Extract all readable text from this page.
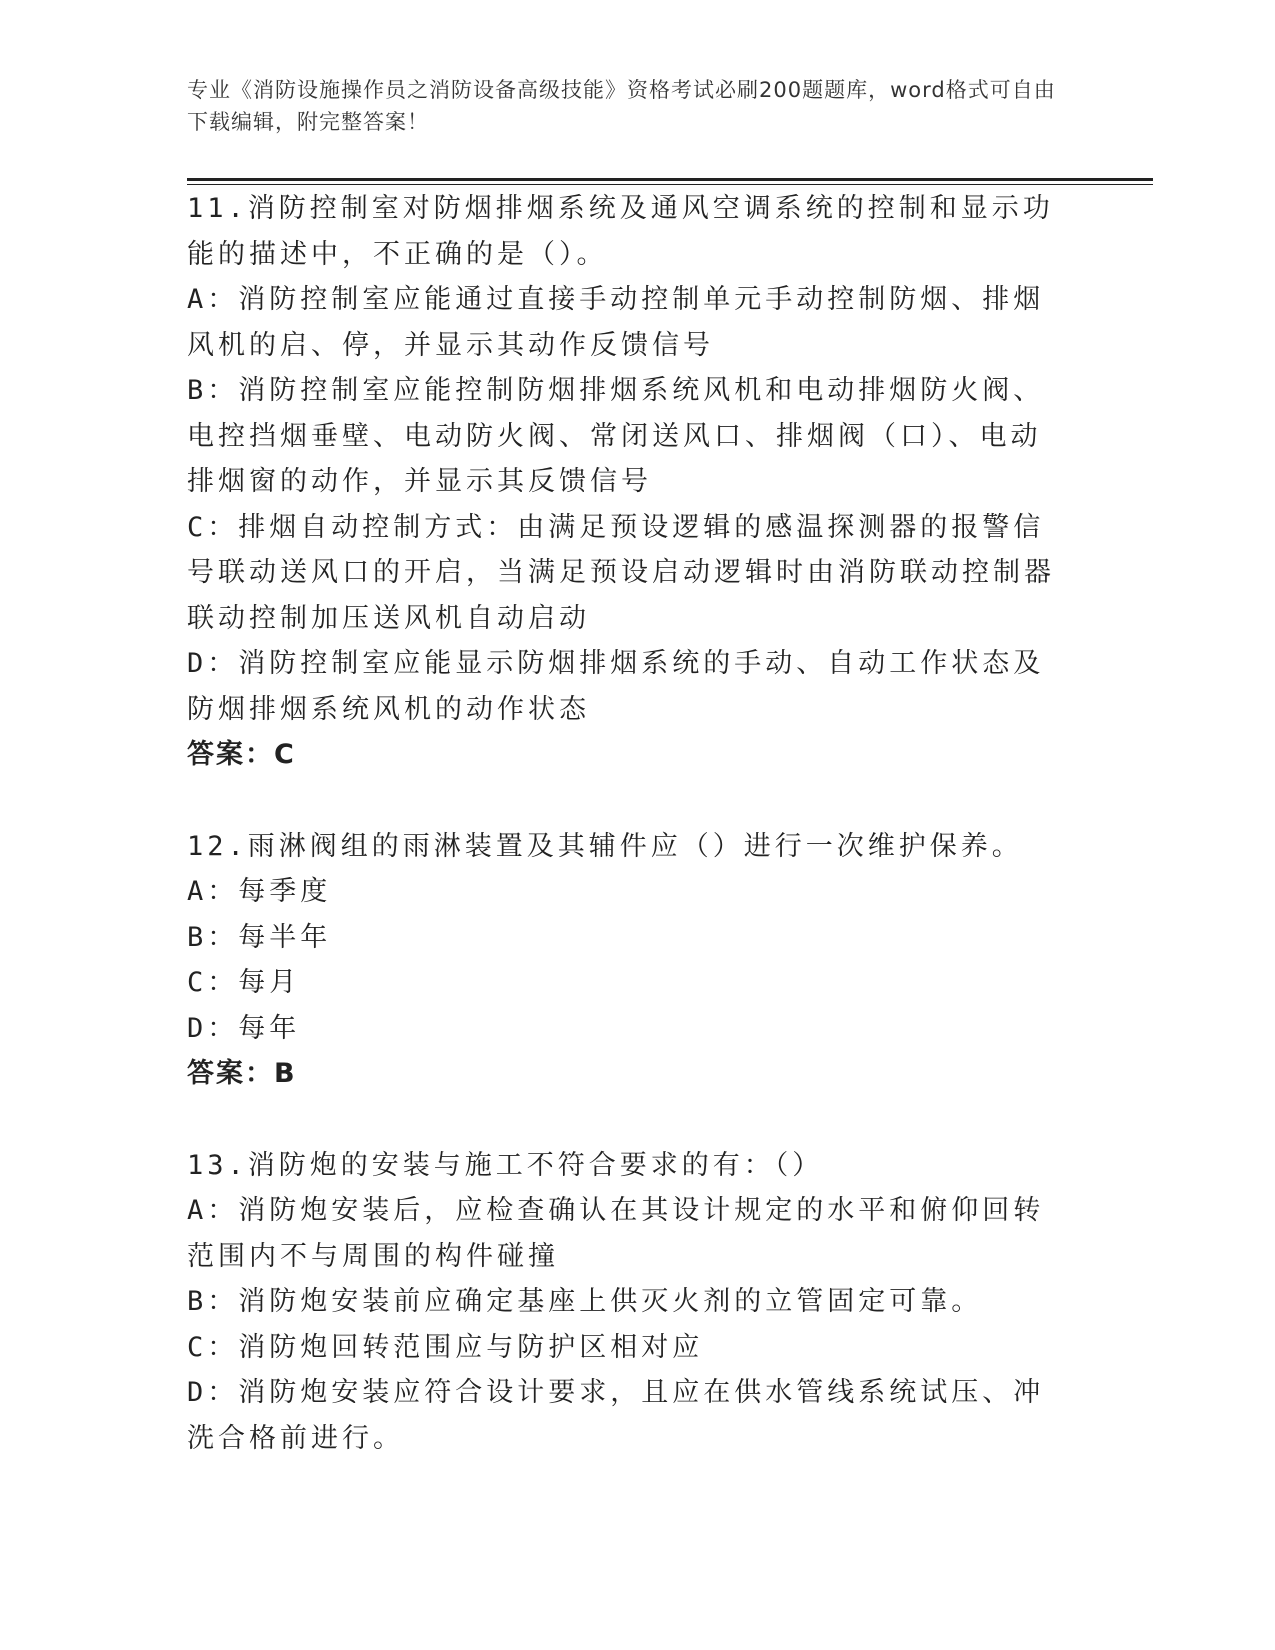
专业《消防设施操作员之消防设备高级技能》资格考试必刷200题题库，word格式可自由下载编辑，附完整答案！

11.消防控制室对防烟排烟系统及通风空调系统的控制和显示功能的描述中，不正确的是（）。

A：消防控制室应能通过直接手动控制单元手动控制防烟、排烟风机的启、停，并显示其动作反馈信号

B：消防控制室应能控制防烟排烟系统风机和电动排烟防火阀、电控挡烟垂壁、电动防火阀、常闭送风口、排烟阀（口）、电动排烟窗的动作，并显示其反馈信号

C：排烟自动控制方式：由满足预设逻辑的感温探测器的报警信号联动送风口的开启，当满足预设启动逻辑时由消防联动控制器联动控制加压送风机自动启动

D：消防控制室应能显示防烟排烟系统的手动、自动工作状态及防烟排烟系统风机的动作状态

答案：C

12.雨淋阀组的雨淋装置及其辅件应（）进行一次维护保养。

A：每季度

B：每半年

C：每月

D：每年

答案：B

13.消防炮的安装与施工不符合要求的有：（）

A：消防炮安装后，应检查确认在其设计规定的水平和俯仰回转范围内不与周围的构件碰撞

B：消防炮安装前应确定基座上供灭火剂的立管固定可靠。

C：消防炮回转范围应与防护区相对应

D：消防炮安装应符合设计要求，且应在供水管线系统试压、冲洗合格前进行。
